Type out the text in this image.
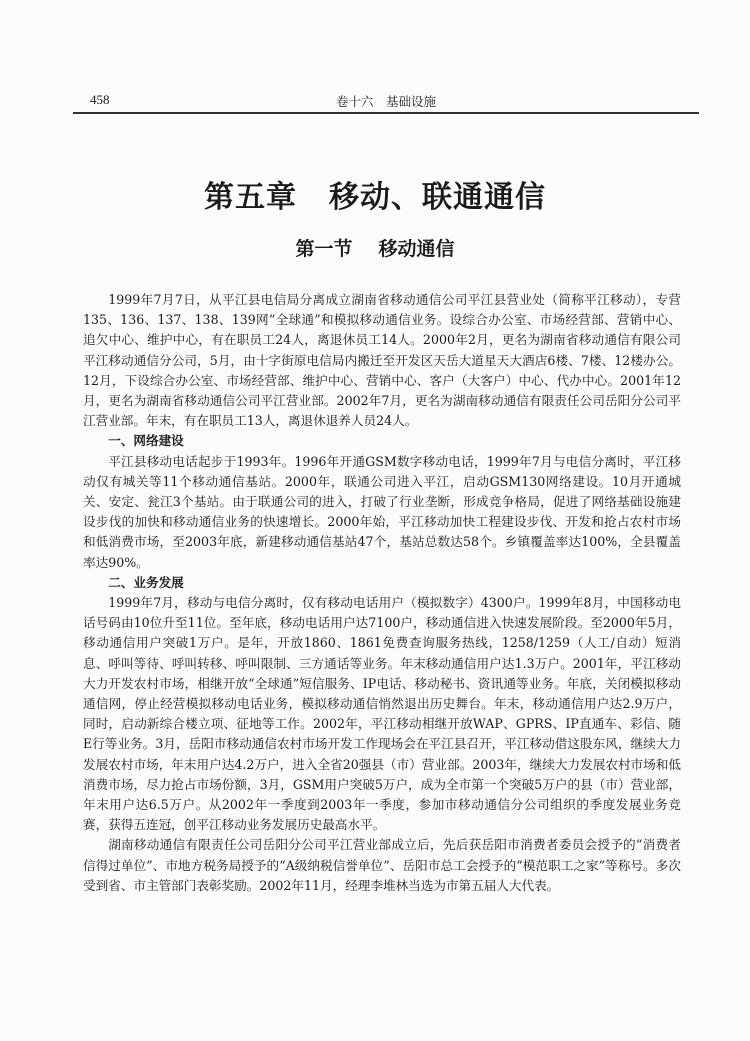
458	卷十六　基础设施
第五章 移动、联通通信
第一节 移动通信

1999年7月7日，从平江县电信局分离成立湖南省移动通信公司平江县营业处（简称平江移动），专营135、136、137、138、139网“全球通”和模拟移动通信业务。设综合办公室、市场经营部、营销中心、追欠中心、维护中心，有在职员工24人，离退休员工14人。2000年2月，更名为湖南省移动通信有限公司平江移动通信分公司，5月，由十字街原电信局内搬迁至开发区天岳大道星天大酒店6楼、7楼、12楼办公。12月，下设综合办公室、市场经营部、维护中心、营销中心、客户（大客户）中心、代办中心。2001年12月，更名为湖南省移动通信公司平江营业部。2002年7月，更名为湖南移动通信有限责任公司岳阳分公司平江营业部。年末，有在职员工13人，离退休退养人员24人。

一、网络建设

平江县移动电话起步于1993年。1996年开通GSM数字移动电话，1999年7月与电信分离时，平江移动仅有城关等11个移动通信基站。2000年，联通公司进入平江，启动GSM130网络建设。10月开通城关、安定、瓮江3个基站。由于联通公司的进入，打破了行业垄断，形成竞争格局，促进了网络基础设施建设步伐的加快和移动通信业务的快速增长。2000年始，平江移动加快工程建设步伐、开发和抢占农村市场和低消费市场，至2003年底，新建移动通信基站47个，基站总数达58个。乡镇覆盖率达100%，全县覆盖率达90%。

二、业务发展

1999年7月，移动与电信分离时，仅有移动电话用户（模拟数字）4300户。1999年8月，中国移动电话号码由10位升至11位。至年底，移动电话用户达7100户，移动通信进入快速发展阶段。至2000年5月，移动通信用户突破1万户。是年，开放1860、1861免费查询服务热线，1258/1259（人工/自动）短消息、呼叫等待、呼叫转移、呼叫限制、三方通话等业务。年末移动通信用户达1.3万户。2001年，平江移动大力开发农村市场，相继开放“全球通”短信服务、IP电话、移动秘书、资讯通等业务。年底，关闭模拟移动通信网，停止经营模拟移动电话业务，模拟移动通信悄然退出历史舞台。年末，移动通信用户达2.9万户，同时，启动新综合楼立项、征地等工作。2002年，平江移动相继开放WAP、GPRS、IP直通车、彩信、随E行等业务。3月，岳阳市移动通信农村市场开发工作现场会在平江县召开，平江移动借这股东风，继续大力发展农村市场，年末用户达4.2万户，进入全省20强县（市）营业部。2003年，继续大力发展农村市场和低消费市场，尽力抢占市场份额，3月，GSM用户突破5万户，成为全市第一个突破5万户的县（市）营业部，年末用户达6.5万户。从2002年一季度到2003年一季度，参加市移动通信分公司组织的季度发展业务竞赛，获得五连冠，创平江移动业务发展历史最高水平。

湖南移动通信有限责任公司岳阳分公司平江营业部成立后，先后获岳阳市消费者委员会授予的“消费者信得过单位”、市地方税务局授予的“A级纳税信誉单位”、岳阳市总工会授予的“模范职工之家”等称号。多次受到省、市主管部门表彰奖励。2002年11月，经理李堆林当选为市第五届人大代表。
